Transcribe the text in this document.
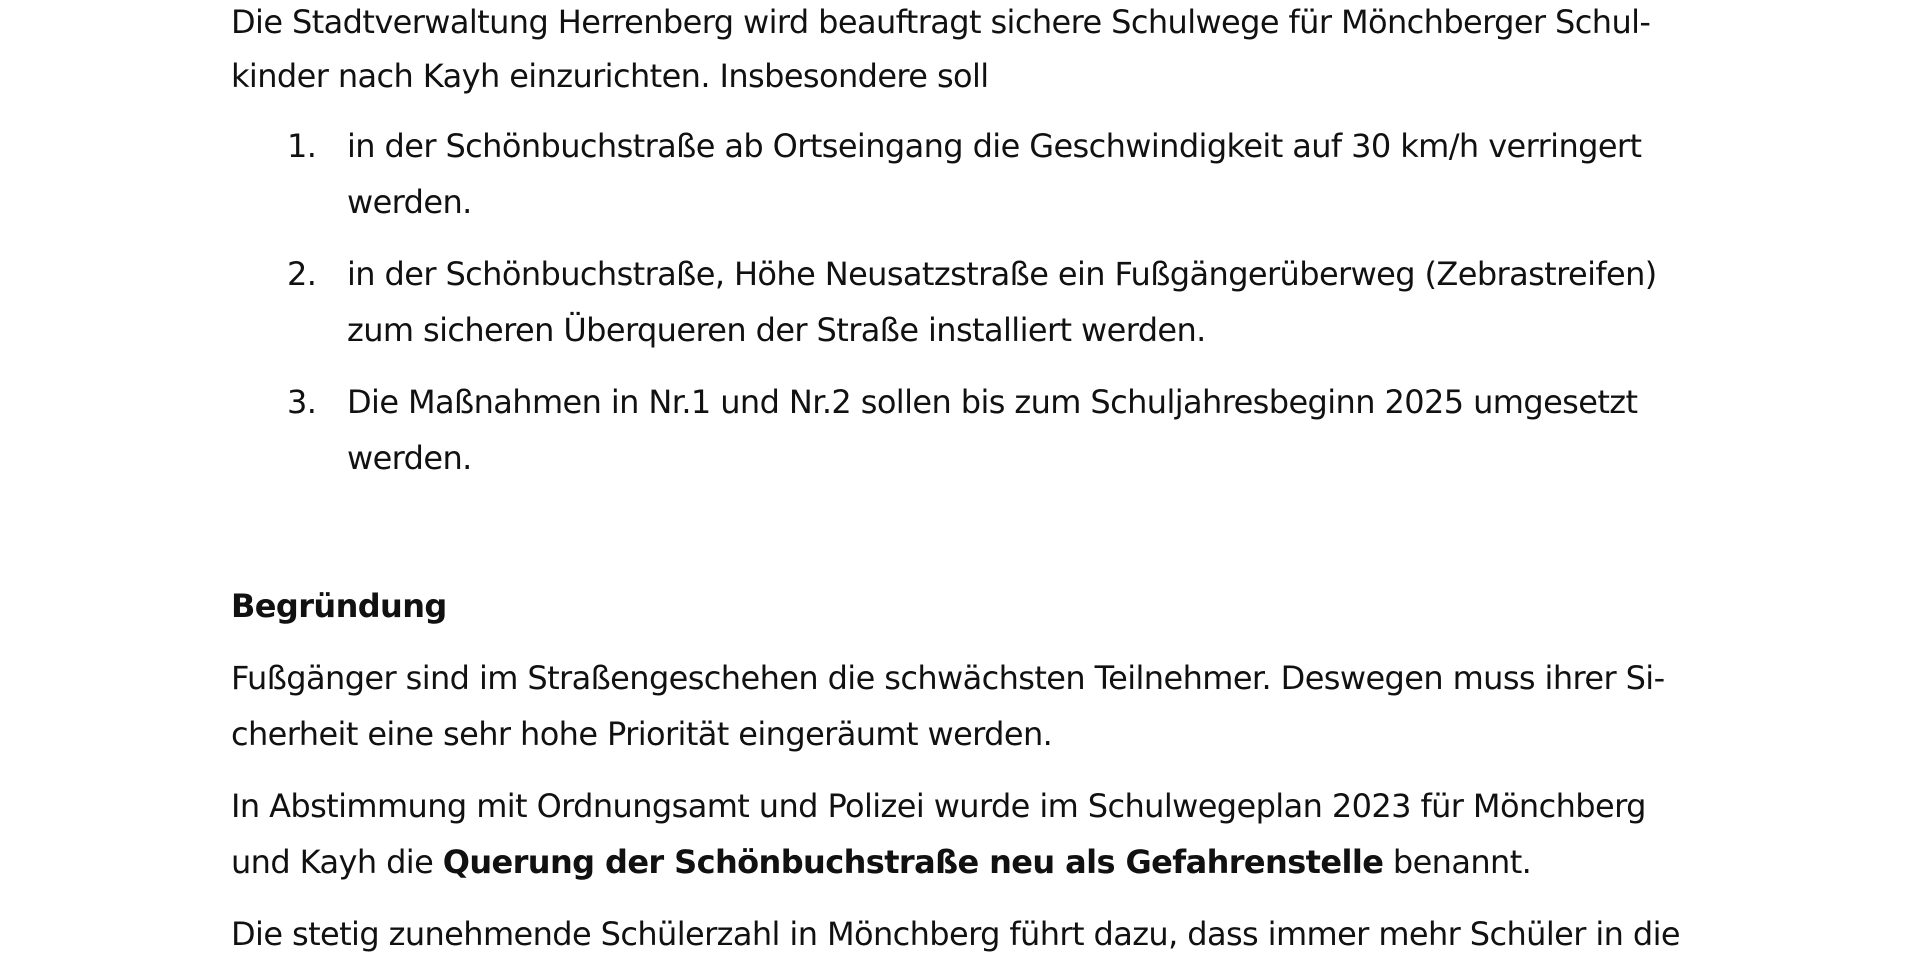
Die Stadtverwaltung Herrenberg wird beauftragt sichere Schulwege für Mönchberger Schul-
kinder nach Kayh einzurichten. Insbesondere soll
1. in der Schönbuchstraße ab Ortseingang die Geschwindigkeit auf 30 km/h verringert
werden.
2. in der Schönbuchstraße, Höhe Neusatzstraße ein Fußgängerüberweg (Zebrastreifen)
zum sicheren Überqueren der Straße installiert werden.
3. Die Maßnahmen in Nr.1 und Nr.2 sollen bis zum Schuljahresbeginn 2025 umgesetzt
werden.
Begründung
Fußgänger sind im Straßengeschehen die schwächsten Teilnehmer. Deswegen muss ihrer Si-
cherheit eine sehr hohe Priorität eingeräumt werden.
In Abstimmung mit Ordnungsamt und Polizei wurde im Schulwegeplan 2023 für Mönchberg
und Kayh die Querung der Schönbuchstraße neu als Gefahrenstelle benannt.
Die stetig zunehmende Schülerzahl in Mönchberg führt dazu, dass immer mehr Schüler in die
